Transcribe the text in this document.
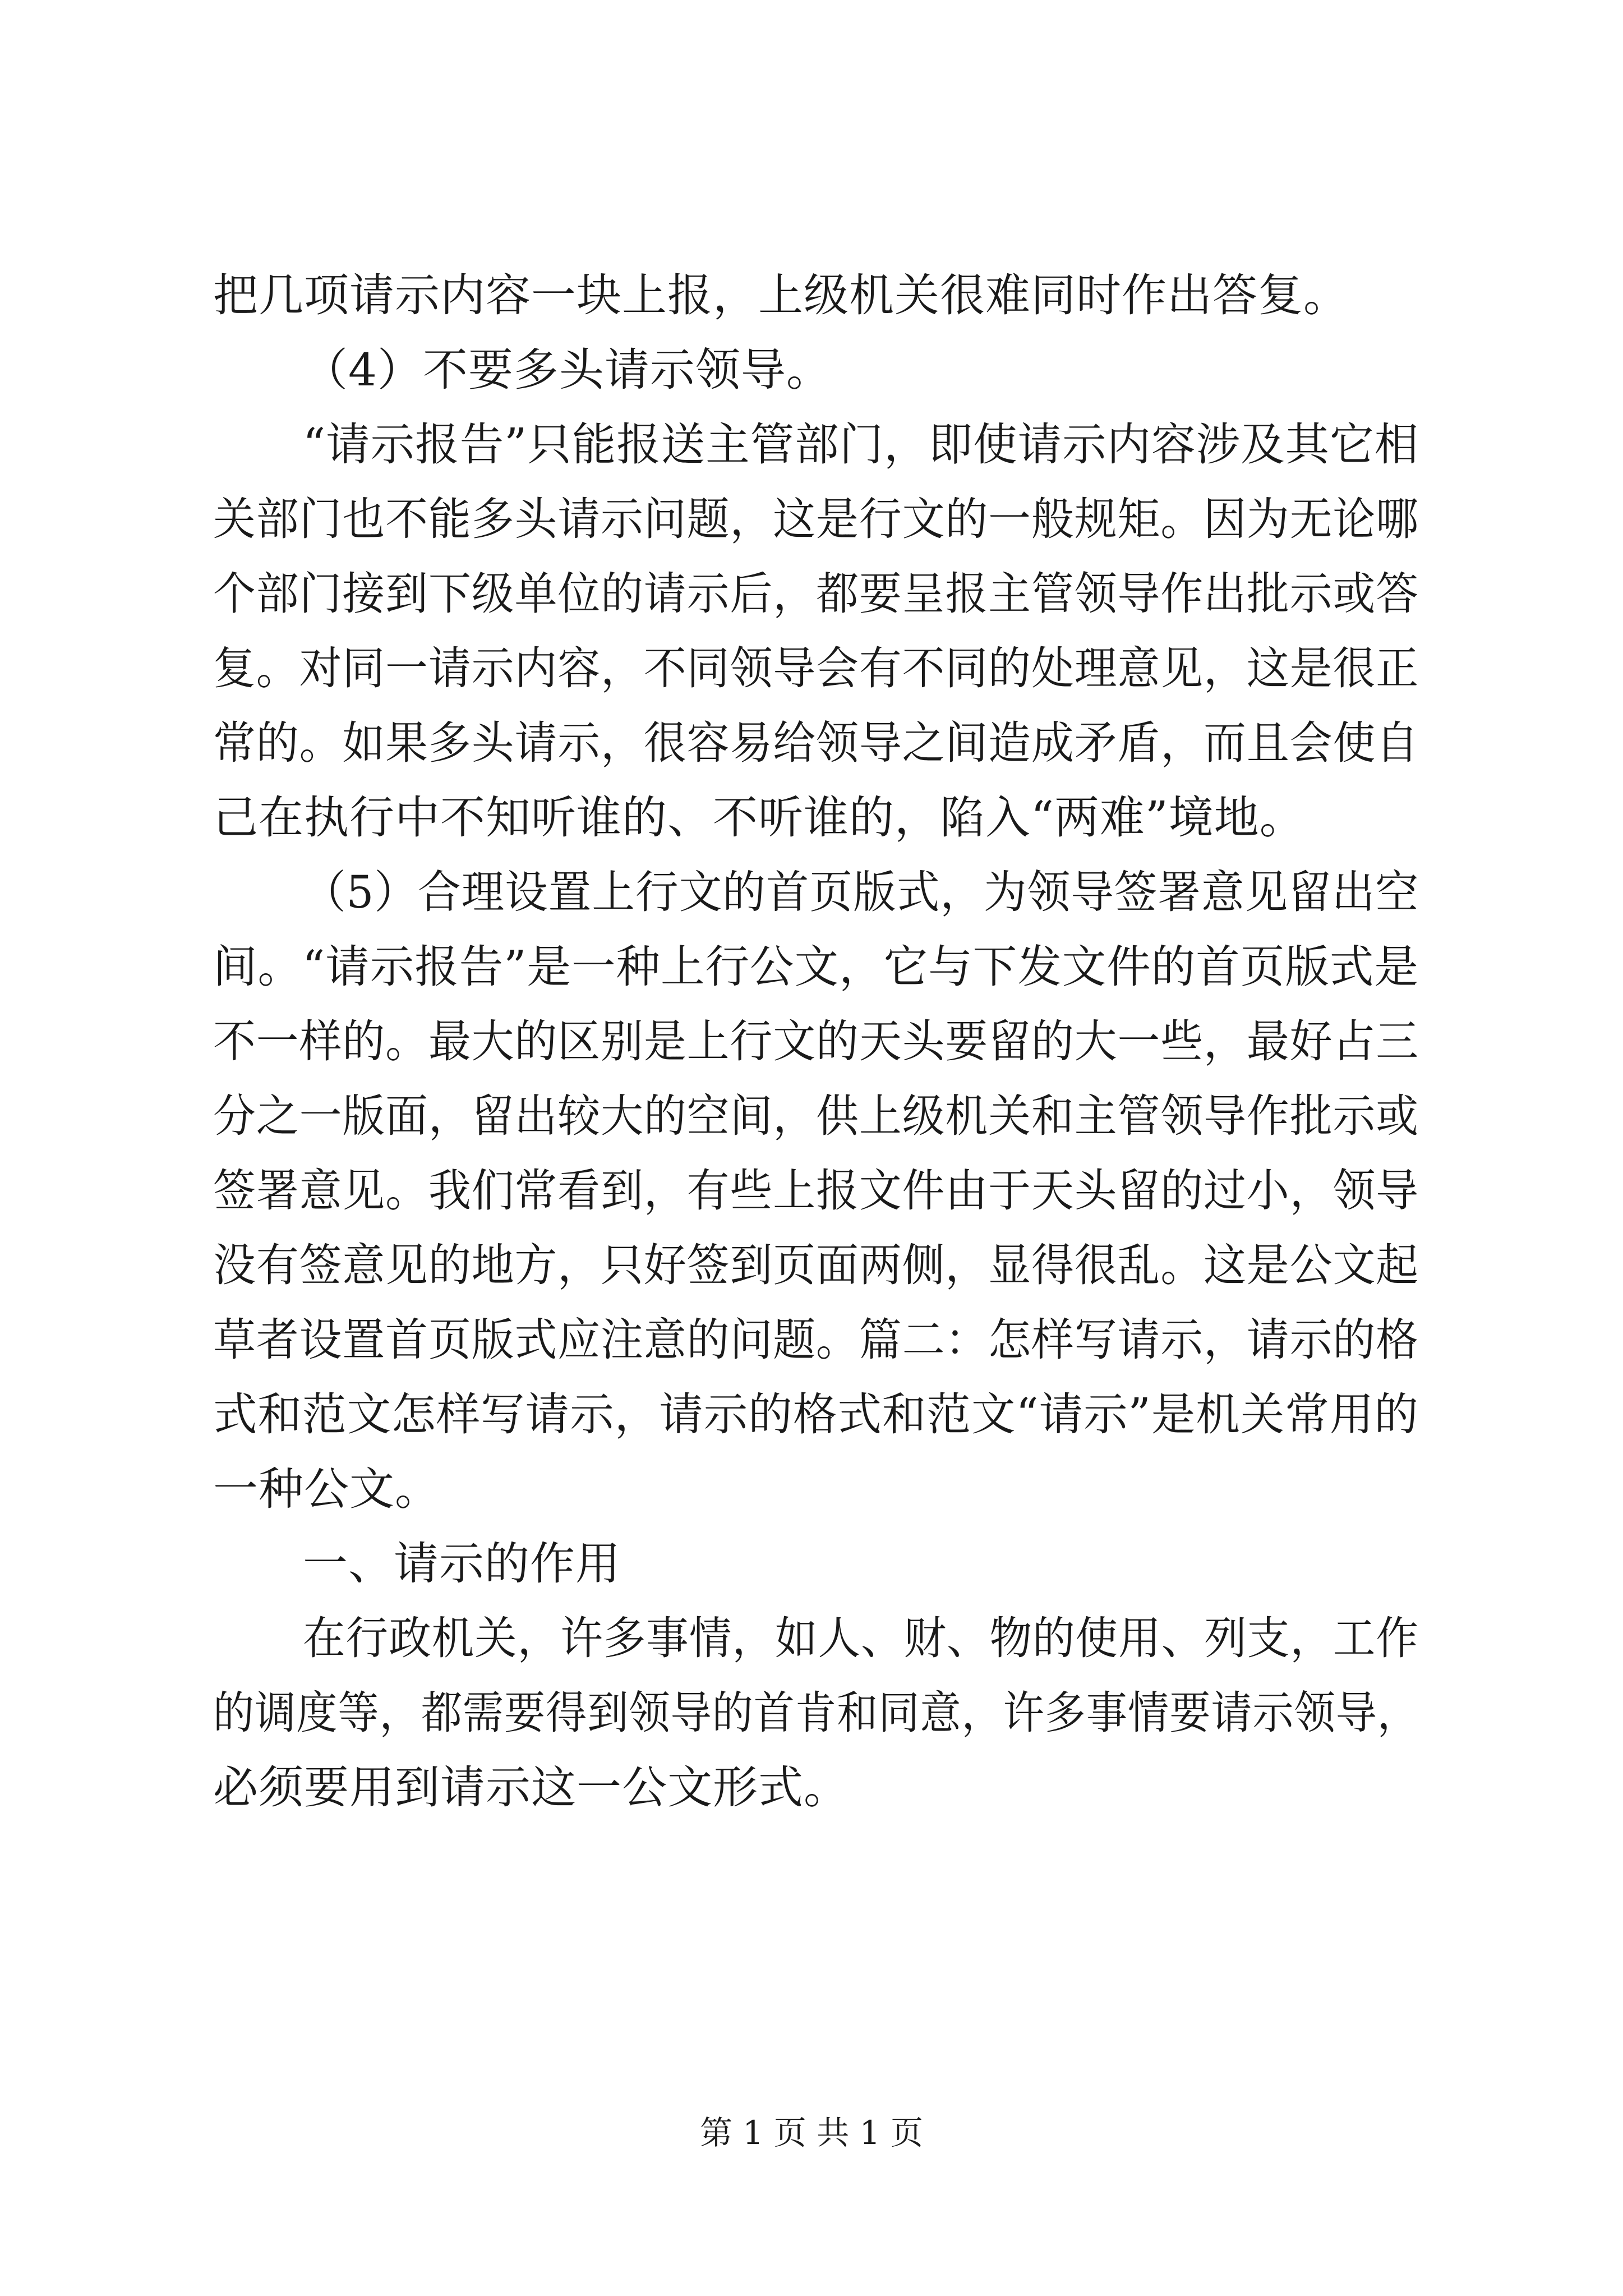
把几项请示内容一块上报，上级机关很难同时作出答复。
（4）不要多头请示领导。
“请示报告”只能报送主管部门，即使请示内容涉及其它相
关部门也不能多头请示问题，这是行文的一般规矩。因为无论哪
个部门接到下级单位的请示后，都要呈报主管领导作出批示或答
复。对同一请示内容，不同领导会有不同的处理意见，这是很正
常的。如果多头请示，很容易给领导之间造成矛盾，而且会使自
己在执行中不知听谁的、不听谁的，陷入“两难”境地。
（5）合理设置上行文的首页版式，为领导签署意见留出空
间。“请示报告”是一种上行公文，它与下发文件的首页版式是
不一样的。最大的区别是上行文的天头要留的大一些，最好占三
分之一版面，留出较大的空间，供上级机关和主管领导作批示或
签署意见。我们常看到，有些上报文件由于天头留的过小，领导
没有签意见的地方，只好签到页面两侧，显得很乱。这是公文起
草者设置首页版式应注意的问题。篇二：怎样写请示，请示的格
式和范文怎样写请示，请示的格式和范文“请示”是机关常用的
一种公文。
一、请示的作用
在行政机关，许多事情，如人、财、物的使用、列支，工作
的调度等，都需要得到领导的首肯和同意，许多事情要请示领导，
必须要用到请示这一公文形式。
第 1 页 共 1 页
